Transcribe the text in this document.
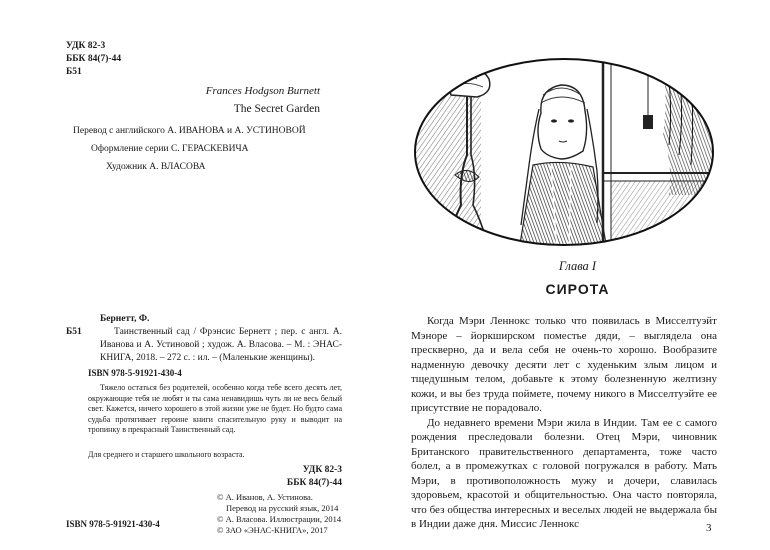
УДК 82-3
ББК 84(7)-44
Б51
Frances Hodgson Burnett
The Secret Garden
Перевод с английского А. ИВАНОВА и А. УСТИНОВОЙ
Оформление серии С. ГЕРАСКЕВИЧА
Художник А. ВЛАСОВА
Бернетт, Ф.
Б51	Таинственный сад / Фрэнсис Бернетт ; пер. с англ. А. Иванова и А. Устиновой ; худож. А. Власова. – М. : ЭНАС-КНИГА, 2018. – 272 с. : ил. – (Маленькие женщины).
ISBN 978-5-91921-430-4
Тяжело остаться без родителей, особенно когда тебе всего десять лет, окружающие тебя не любят и ты сама ненавидишь чуть ли не весь белый свет. Кажется, ничего хорошего в этой жизни уже не будет. Но будто сама судьба протягивает героине книги спасительную руку и выводит на тропинку в прекрасный Таинственный сад.
Для среднего и старшего школьного возраста.
УДК 82-3
ББК 84(7)-44
© А. Иванов, А. Устинова.
Перевод на русский язык, 2014
© А. Власова. Иллюстрации, 2014
© ЗАО «ЭНАС-КНИГА», 2017
ISBN 978-5-91921-430-4
Глава I
СИРОТА

Когда Мэри Леннокс только что появилась в Мисселтуэйт Мэноре – йоркширском поместье дяди, – выглядела она прескверно, да и вела себя не очень-то хорошо. Вообразите надменную девочку десяти лет с худеньким злым лицом и тщедушным телом, добавьте к этому болезненную желтизну кожи, и вы без труда поймете, почему никого в Мисселтуэйте ее присутствие не порадовало.

До недавнего времени Мэри жила в Индии. Там ее с самого рождения преследовали болезни. Отец Мэри, чиновник Британского правительственного департамента, тоже часто болел, а в промежутках с головой погружался в работу. Мать Мэри, в противоположность мужу и дочери, славилась здоровьем, красотой и общительностью. Она часто повторяла, что без общества интересных и веселых людей не выдержала бы в Индии даже дня. Миссис Леннокс	3
